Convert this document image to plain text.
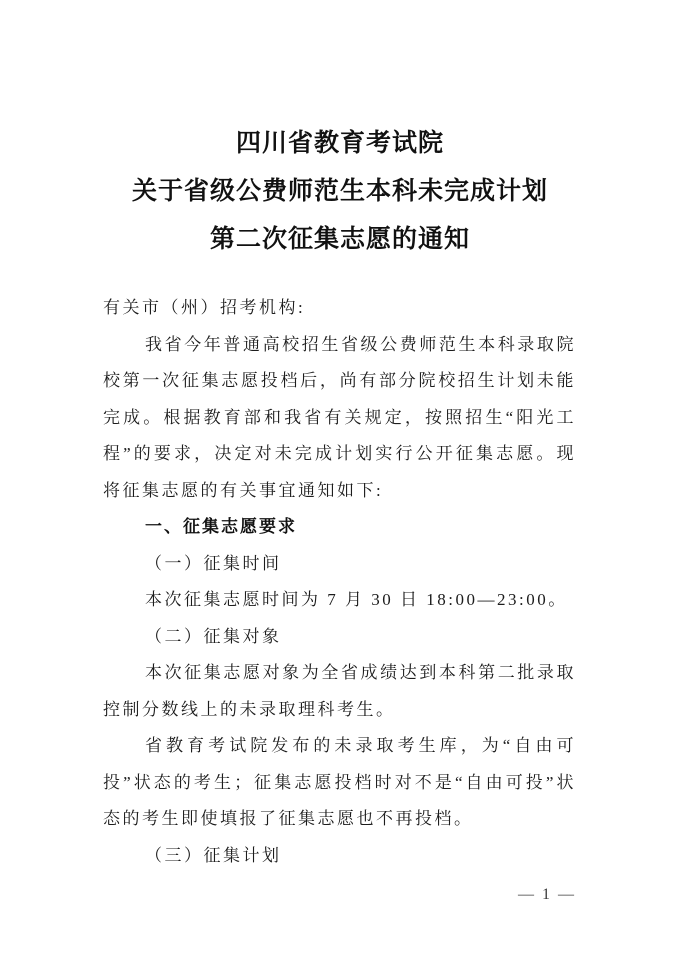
四川省教育考试院
关于省级公费师范生本科未完成计划
第二次征集志愿的通知

有关市（州）招考机构:

我省今年普通高校招生省级公费师范生本科录取院校第一次征集志愿投档后，尚有部分院校招生计划未能完成。根据教育部和我省有关规定，按照招生“阳光工程”的要求，决定对未完成计划实行公开征集志愿。现将征集志愿的有关事宜通知如下:

一、征集志愿要求

（一）征集时间

本次征集志愿时间为 7 月 30 日 18:00—23:00。

（二）征集对象

本次征集志愿对象为全省成绩达到本科第二批录取控制分数线上的未录取理科考生。

省教育考试院发布的未录取考生库，为“自由可投”状态的考生；征集志愿投档时对不是“自由可投”状态的考生即使填报了征集志愿也不再投档。

（三）征集计划

— 1 —
